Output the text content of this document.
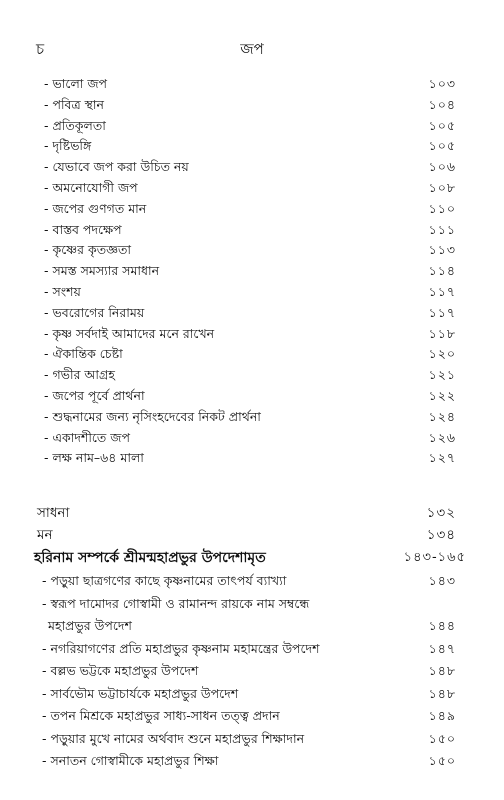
চ	জপ
- ভালো জপ	১০৩
- পবিত্র স্থান	১০৪
- প্রতিকূলতা	১০৫
- দৃষ্টিভঙ্গি	১০৫
- যেভাবে জপ করা উচিত নয়	১০৬
- অমনোযোগী জপ	১০৮
- জপের গুণগত মান	১১০
- বাস্তব পদক্ষেপ	১১১
- কৃষ্ণের কৃতজ্ঞতা	১১৩
- সমস্ত সমস্যার সমাধান	১১৪
- সংশয়	১১৭
- ভবরোগের নিরাময়	১১৭
- কৃষ্ণ সর্বদাই আমাদের মনে রাখেন	১১৮
- ঐকান্তিক চেষ্টা	১২০
- গভীর আগ্রহ	১২১
- জপের পূর্বে প্রার্থনা	১২২
- শুদ্ধনামের জন্য নৃসিংহদেবের নিকট প্রার্থনা	১২৪
- একাদশীতে জপ	১২৬
- লক্ষ নাম–৬৪ মালা	১২৭
সাধনা	১৩২
মন	১৩৪
হরিনাম সম্পর্কে শ্রীমন্মহাপ্রভুর উপদেশামৃত	১৪৩-১৬৫
- পড়ুয়া ছাত্রগণের কাছে কৃষ্ণনামের তাৎপর্য ব্যাখ্যা	১৪৩
- স্বরূপ দামোদর গোস্বামী ও রামানন্দ রায়কে নাম সম্বন্ধে
মহাপ্রভুর উপদেশ	১৪৪
- নগরিয়াগণের প্রতি মহাপ্রভুর কৃষ্ণনাম মহামন্ত্রের উপদেশ	১৪৭
- বল্লভ ভট্টকে মহাপ্রভুর উপদেশ	১৪৮
- সার্বভৌম ভট্টাচার্যকে মহাপ্রভুর উপদেশ	১৪৮
- তপন মিশ্রকে মহাপ্রভুর সাধ্য-সাধন তত্ত্ব প্রদান	১৪৯
- পড়ুয়ার মুখে নামের অর্থবাদ শুনে মহাপ্রভুর শিক্ষাদান	১৫০
- সনাতন গোস্বামীকে মহাপ্রভুর শিক্ষা	১৫০
